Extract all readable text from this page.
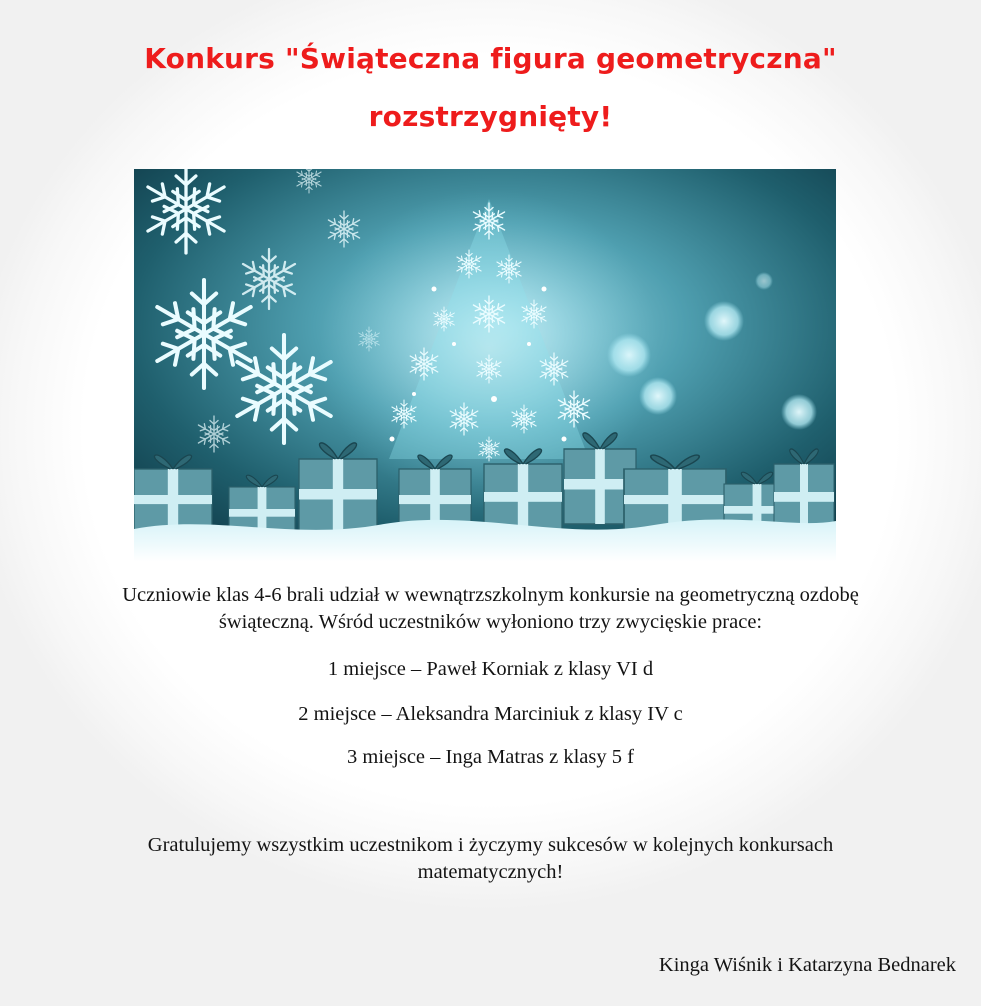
Konkurs "Świąteczna figura geometryczna"
rozstrzygnięty!
Uczniowie klas 4-6 brali udział w wewnątrzszkolnym konkursie na geometryczną ozdobę
świąteczną. Wśród uczestników wyłoniono trzy zwycięskie prace:
1 miejsce – Paweł Korniak z klasy VI d
2 miejsce – Aleksandra Marciniuk z klasy IV c
3 miejsce – Inga Matras z klasy 5 f
Gratulujemy wszystkim uczestnikom i życzymy sukcesów w kolejnych konkursach
matematycznych!
Kinga Wiśnik i Katarzyna Bednarek
